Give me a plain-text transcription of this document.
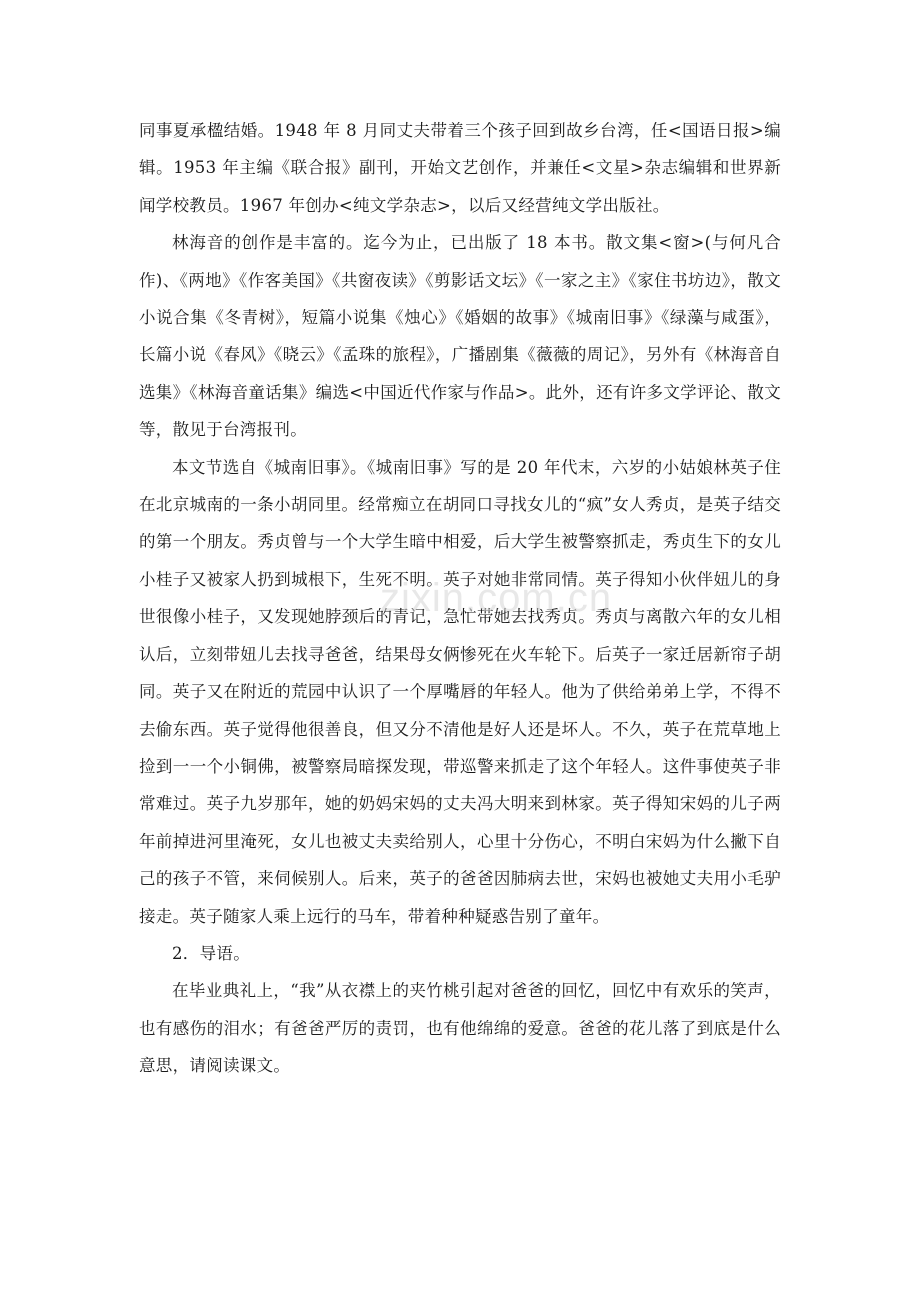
同事夏承楹结婚。1948 年 8 月同丈夫带着三个孩子回到故乡台湾，任<国语日报>编辑。1953 年主编《联合报》副刊，开始文艺创作，并兼任<文星>杂志编辑和世界新闻学校教员。1967 年创办<纯文学杂志>，以后又经营纯文学出版社。

林海音的创作是丰富的。迄今为止，已出版了 18 本书。散文集<窗>(与何凡合作)、《两地》《作客美国》《共窗夜读》《剪影话文坛》《一家之主》《家住书坊边》，散文小说合集《冬青树》，短篇小说集《烛心》《婚姻的故事》《城南旧事》《绿藻与咸蛋》，长篇小说《春风》《晓云》《孟珠的旅程》，广播剧集《薇薇的周记》，另外有《林海音自选集》《林海音童话集》编选<中国近代作家与作品>。此外，还有许多文学评论、散文等，散见于台湾报刊。

本文节选自《城南旧事》。《城南旧事》写的是 20 年代末，六岁的小姑娘林英子住在北京城南的一条小胡同里。经常痴立在胡同口寻找女儿的“疯”女人秀贞，是英子结交的第一个朋友。秀贞曾与一个大学生暗中相爱，后大学生被警察抓走，秀贞生下的女儿小桂子又被家人扔到城根下，生死不明。英子对她非常同情。英子得知小伙伴妞儿的身世很像小桂子，又发现她脖颈后的青记，急忙带她去找秀贞。秀贞与离散六年的女儿相认后，立刻带妞儿去找寻爸爸，结果母女俩惨死在火车轮下。后英子一家迁居新帘子胡同。英子又在附近的荒园中认识了一个厚嘴唇的年轻人。他为了供给弟弟上学，不得不去偷东西。英子觉得他很善良，但又分不清他是好人还是坏人。不久，英子在荒草地上捡到一一个小铜佛，被警察局暗探发现，带巡警来抓走了这个年轻人。这件事使英子非常难过。英子九岁那年，她的奶妈宋妈的丈夫冯大明来到林家。英子得知宋妈的儿子两年前掉进河里淹死，女儿也被丈夫卖给别人，心里十分伤心，不明白宋妈为什么撇下自己的孩子不管，来伺候别人。后来，英子的爸爸因肺病去世，宋妈也被她丈夫用小毛驴接走。英子随家人乘上远行的马车，带着种种疑惑告别了童年。

2．导语。

在毕业典礼上，“我”从衣襟上的夹竹桃引起对爸爸的回忆，回忆中有欢乐的笑声，也有感伤的泪水；有爸爸严厉的责罚，也有他绵绵的爱意。爸爸的花儿落了到底是什么意思，请阅读课文。

zixin.com.cn
